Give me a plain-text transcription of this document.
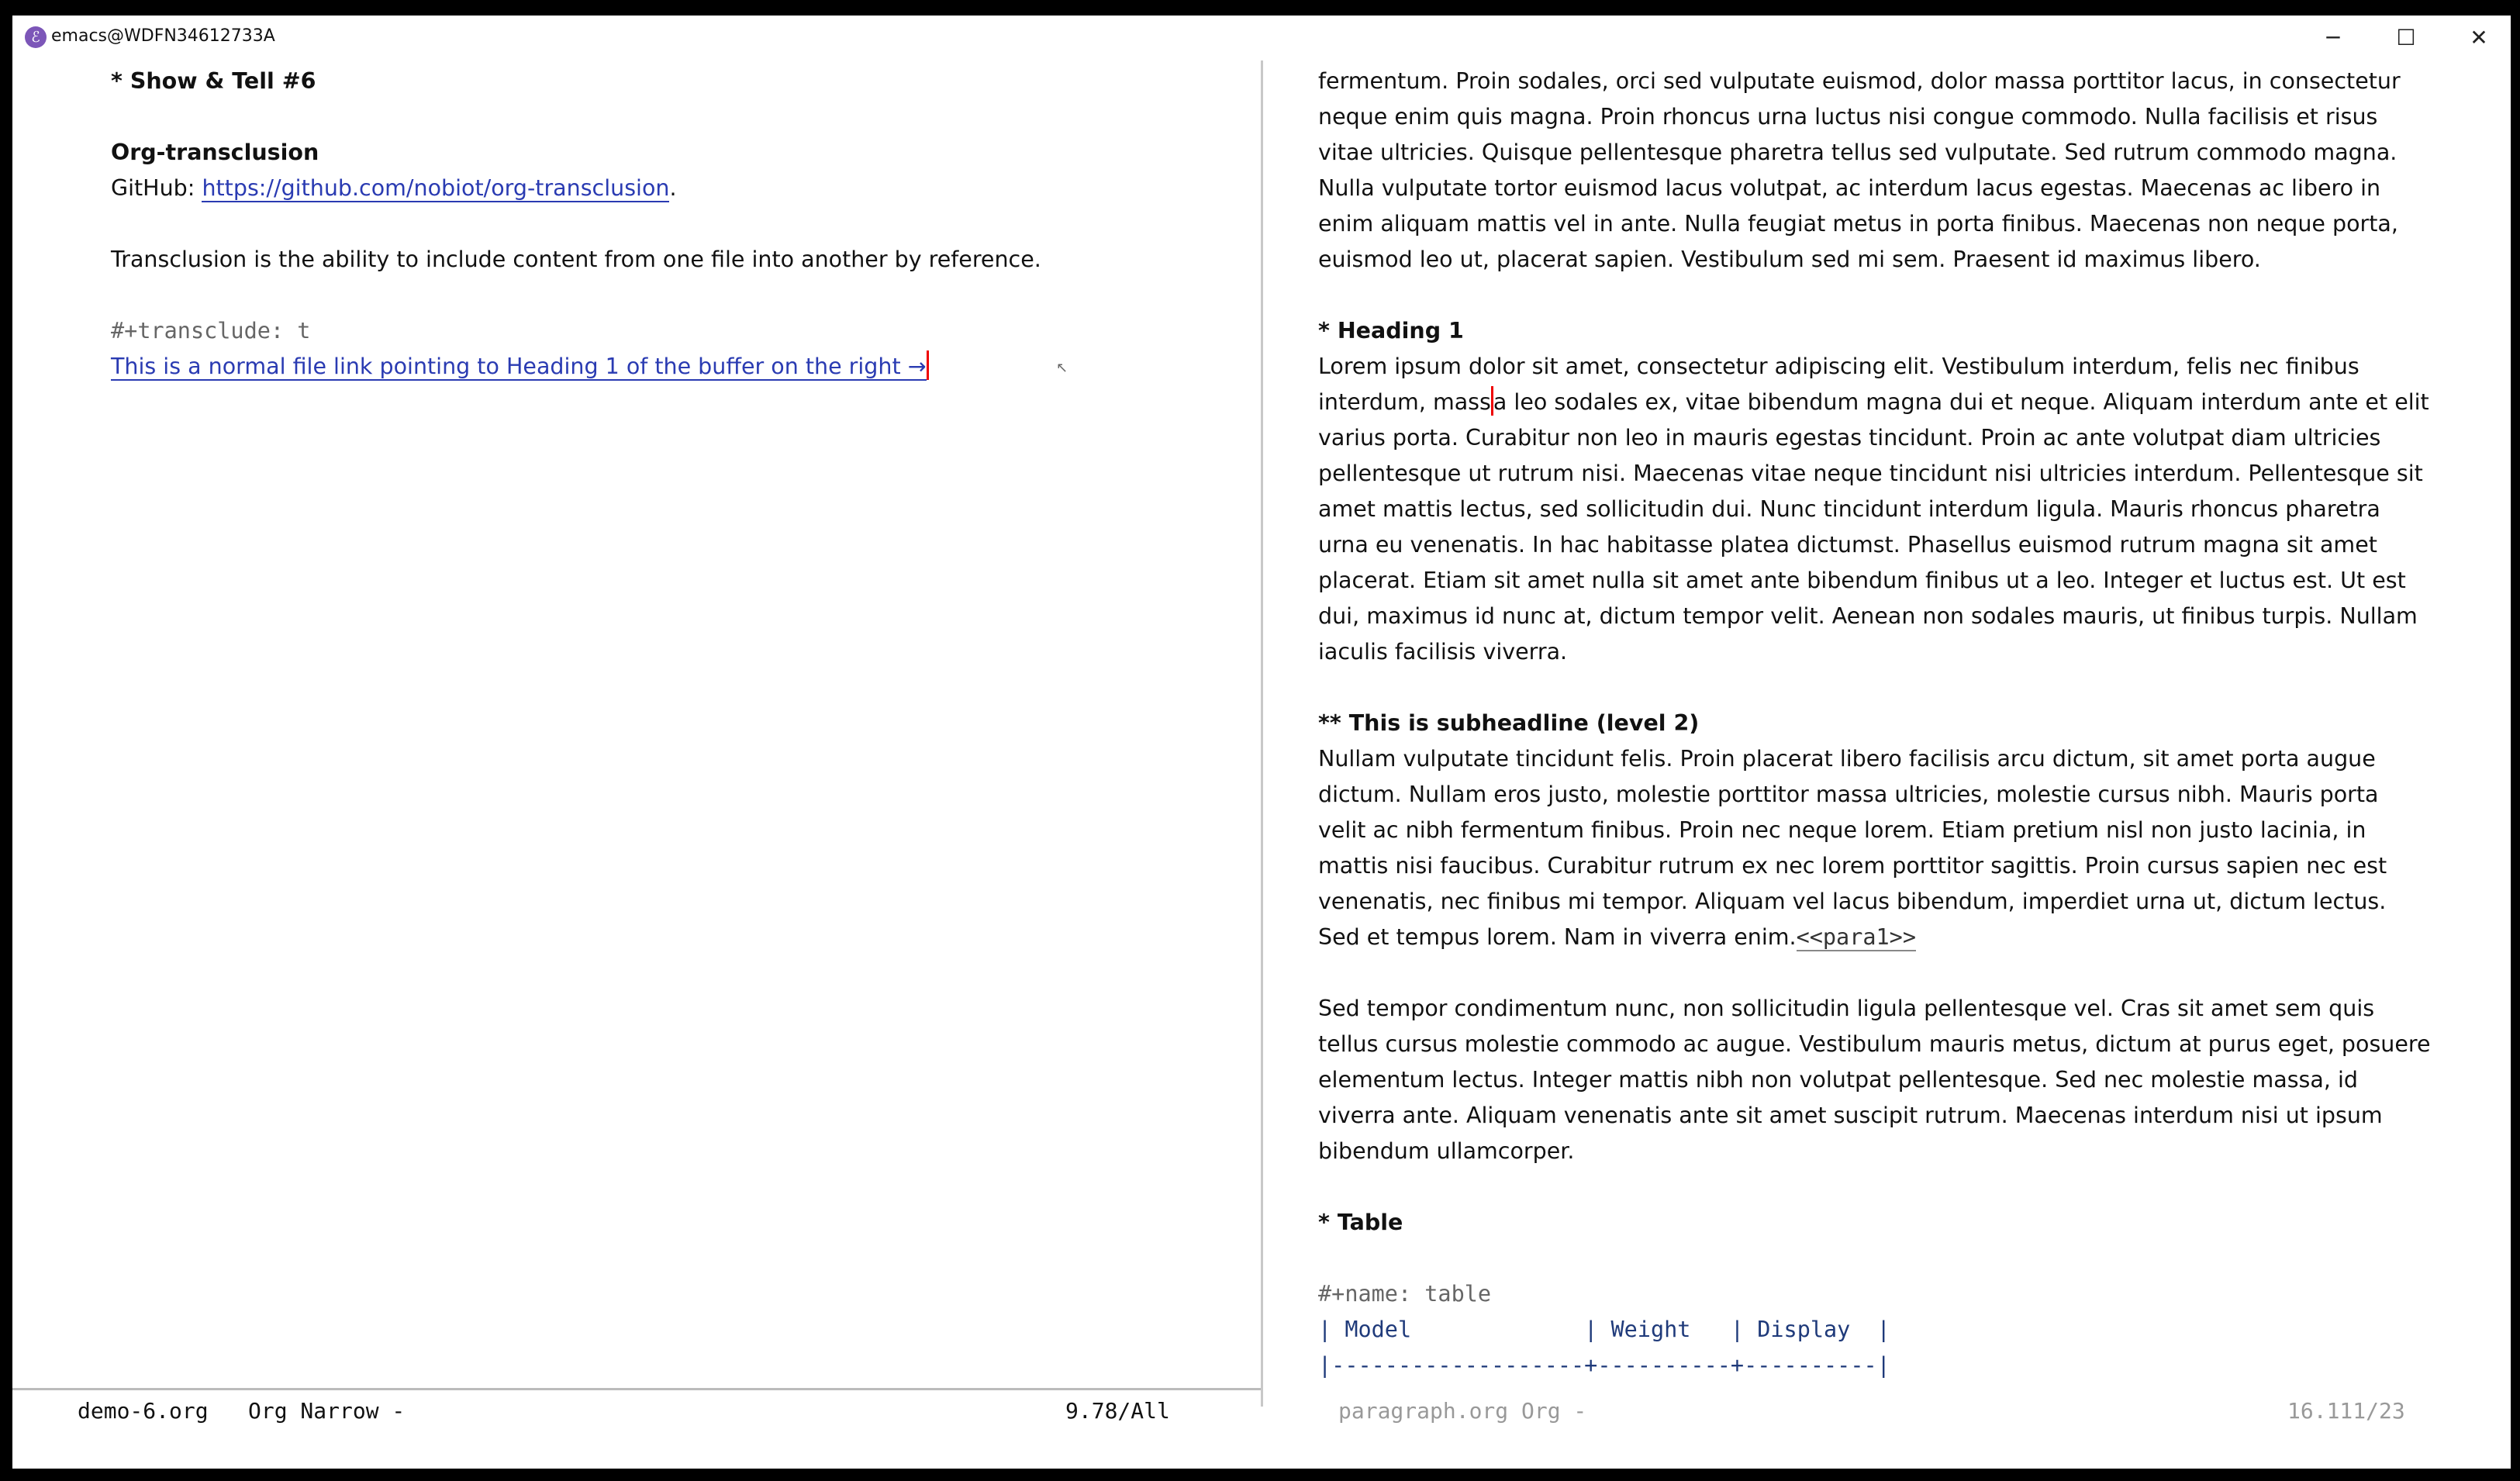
ℰ emacs@WDFN34612733A	─	☐	✕
* Show & Tell #6
Org-transclusion
GitHub: https://github.com/nobiot/org-transclusion.
Transclusion is the ability to include content from one file into another by reference.
#+transclude: t
This is a normal file link pointing to Heading 1 of the buffer on the right →	↖
fermentum. Proin sodales, orci sed vulputate euismod, dolor massa porttitor lacus, in consectetur
neque enim quis magna. Proin rhoncus urna luctus nisi congue commodo. Nulla facilisis et risus
vitae ultricies. Quisque pellentesque pharetra tellus sed vulputate. Sed rutrum commodo magna.
Nulla vulputate tortor euismod lacus volutpat, ac interdum lacus egestas. Maecenas ac libero in
enim aliquam mattis vel in ante. Nulla feugiat metus in porta finibus. Maecenas non neque porta,
euismod leo ut, placerat sapien. Vestibulum sed mi sem. Praesent id maximus libero.
* Heading 1
Lorem ipsum dolor sit amet, consectetur adipiscing elit. Vestibulum interdum, felis nec finibus
interdum, mass a leo sodales ex, vitae bibendum magna dui et neque. Aliquam interdum ante et elit
varius porta. Curabitur non leo in mauris egestas tincidunt. Proin ac ante volutpat diam ultricies
pellentesque ut rutrum nisi. Maecenas vitae neque tincidunt nisi ultricies interdum. Pellentesque sit
amet mattis lectus, sed sollicitudin dui. Nunc tincidunt interdum ligula. Mauris rhoncus pharetra
urna eu venenatis. In hac habitasse platea dictumst. Phasellus euismod rutrum magna sit amet
placerat. Etiam sit amet nulla sit amet ante bibendum finibus ut a leo. Integer et luctus est. Ut est
dui, maximus id nunc at, dictum tempor velit. Aenean non sodales mauris, ut finibus turpis. Nullam
iaculis facilisis viverra.
** This is subheadline (level 2)
Nullam vulputate tincidunt felis. Proin placerat libero facilisis arcu dictum, sit amet porta augue
dictum. Nullam eros justo, molestie porttitor massa ultricies, molestie cursus nibh. Mauris porta
velit ac nibh fermentum finibus. Proin nec neque lorem. Etiam pretium nisl non justo lacinia, in
mattis nisi faucibus. Curabitur rutrum ex nec lorem porttitor sagittis. Proin cursus sapien nec est
venenatis, nec finibus mi tempor. Aliquam vel lacus bibendum, imperdiet urna ut, dictum lectus.
Sed et tempus lorem. Nam in viverra enim.<<para1>>
Sed tempor condimentum nunc, non sollicitudin ligula pellentesque vel. Cras sit amet sem quis
tellus cursus molestie commodo ac augue. Vestibulum mauris metus, dictum at purus eget, posuere
elementum lectus. Integer mattis nibh non volutpat pellentesque. Sed nec molestie massa, id
viverra ante. Aliquam venenatis ante sit amet suscipit rutrum. Maecenas interdum nisi ut ipsum
bibendum ullamcorper.
* Table
#+name: table
| Model             | Weight   | Display  |
|-------------------+----------+----------|

demo-6.org

Org Narrow -

	9.78/All

	paragraph.org Org -

	16.111/23
